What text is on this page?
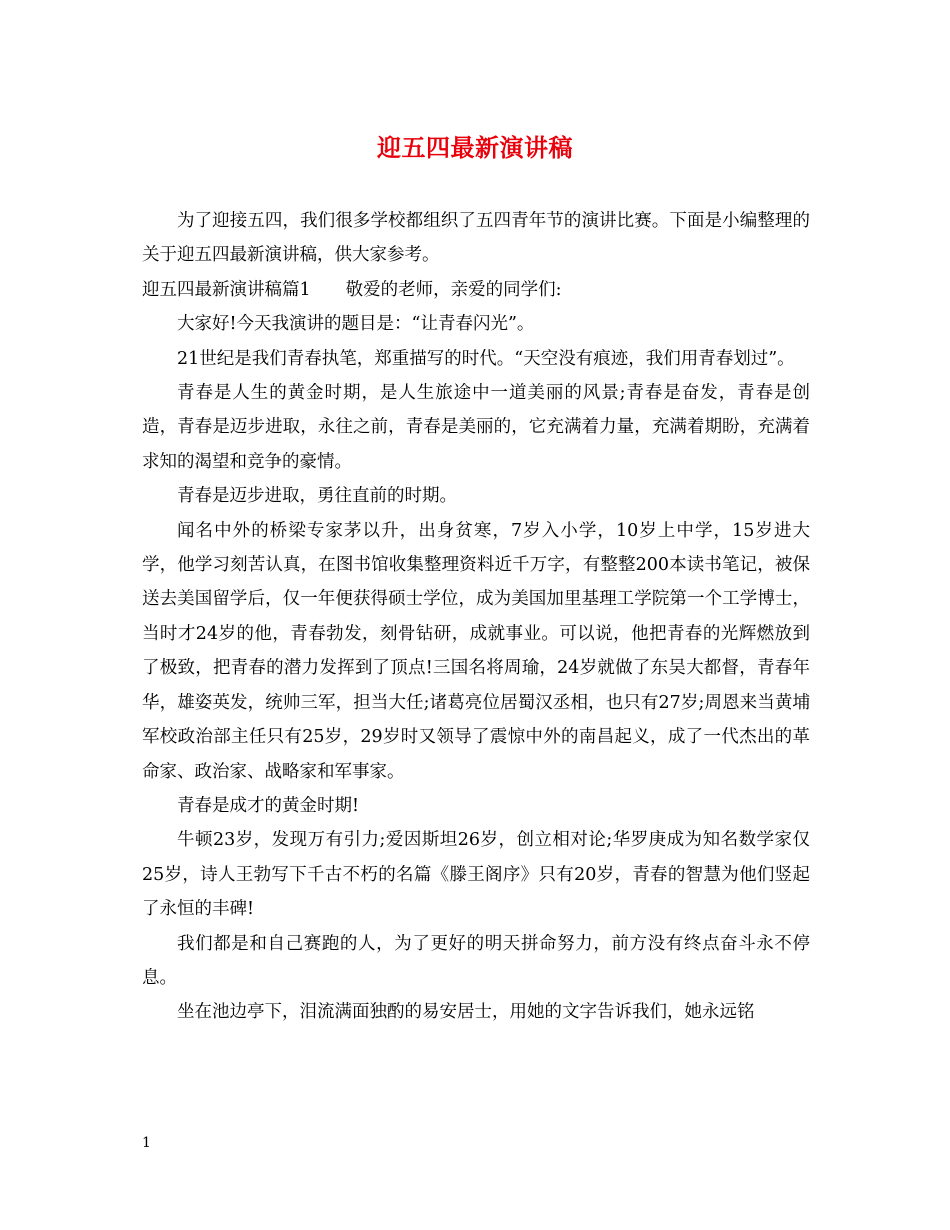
迎五四最新演讲稿

为了迎接五四，我们很多学校都组织了五四青年节的演讲比赛。下面是小编整理的关于迎五四最新演讲稿，供大家参考。

迎五四最新演讲稿篇1　　敬爱的老师，亲爱的同学们:

大家好!今天我演讲的题目是：“让青春闪光”。

21世纪是我们青春执笔，郑重描写的时代。“天空没有痕迹，我们用青春划过”。

青春是人生的黄金时期，是人生旅途中一道美丽的风景;青春是奋发，青春是创造，青春是迈步进取，永往之前，青春是美丽的，它充满着力量，充满着期盼，充满着求知的渴望和竞争的豪情。

青春是迈步进取，勇往直前的时期。

闻名中外的桥梁专家茅以升，出身贫寒，7岁入小学，10岁上中学，15岁进大学，他学习刻苦认真，在图书馆收集整理资料近千万字，有整整200本读书笔记，被保送去美国留学后，仅一年便获得硕士学位，成为美国加里基理工学院第一个工学博士，当时才24岁的他，青春勃发，刻骨钻研，成就事业。可以说，他把青春的光辉燃放到了极致，把青春的潜力发挥到了顶点!三国名将周瑜，24岁就做了东吴大都督，青春年华，雄姿英发，统帅三军，担当大任;诸葛亮位居蜀汉丞相，也只有27岁;周恩来当黄埔军校政治部主任只有25岁，29岁时又领导了震惊中外的南昌起义，成了一代杰出的革命家、政治家、战略家和军事家。

青春是成才的黄金时期!

牛顿23岁，发现万有引力;爱因斯坦26岁，创立相对论;华罗庚成为知名数学家仅25岁，诗人王勃写下千古不朽的名篇《滕王阁序》只有20岁，青春的智慧为他们竖起了永恒的丰碑!

我们都是和自己赛跑的人，为了更好的明天拼命努力，前方没有终点奋斗永不停息。

坐在池边亭下，泪流满面独酌的易安居士，用她的文字告诉我们，她永远铭

1
